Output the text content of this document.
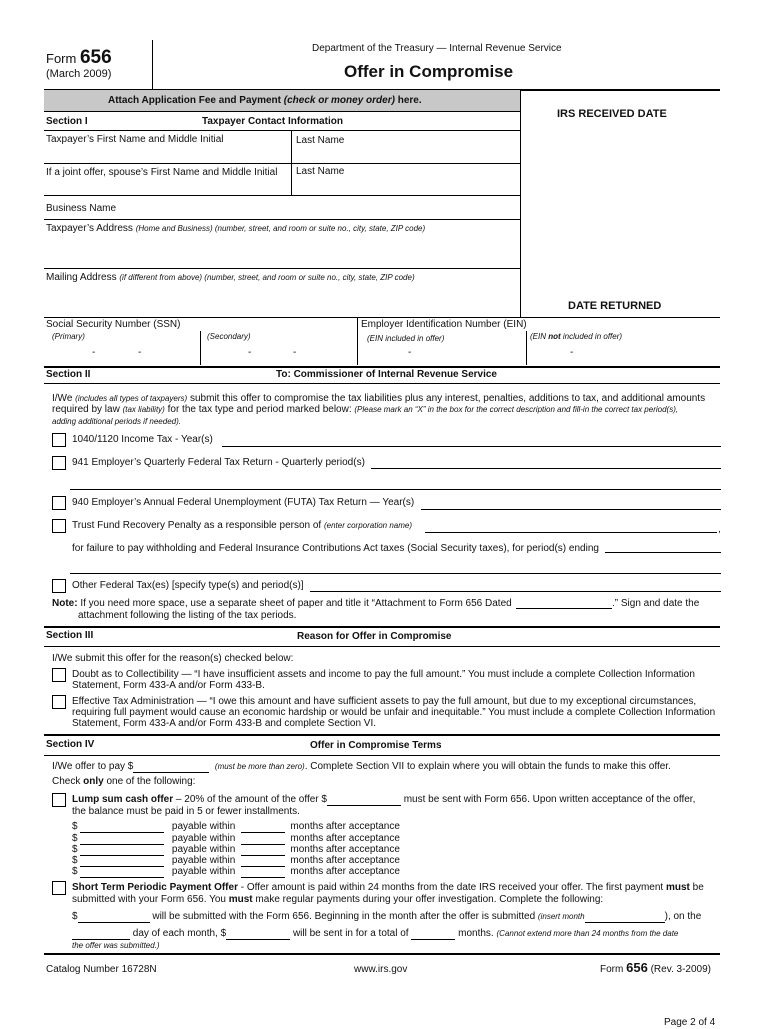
Form 656
(March 2009)
Department of the Treasury — Internal Revenue Service
Offer in Compromise
IRS RECEIVED DATE
DATE RETURNED
Attach Application Fee and Payment (check or money order) here.
Section I	Taxpayer Contact Information
Taxpayer’s First Name and Middle Initial	Last Name
If a joint offer, spouse’s First Name and Middle Initial Last Name
Business Name
Taxpayer’s Address (Home and Business) (number, street, and room or suite no., city, state, ZIP code)
Mailing Address (if different from above) (number, street, and room or suite no., city, state, ZIP code)
Social Security Number (SSN)
(Primary)
-	-
(Secondary)
-	-
Employer Identification Number (EIN)
(EIN included in offer)
-
(EIN not included in offer)
-
Section II	To: Commissioner of Internal Revenue Service
I/We (includes all types of taxpayers) submit this offer to compromise the tax liabilities plus any interest, penalties, additions to tax, and additional amounts
required by law (tax liability) for the tax type and period marked below: (Please mark an “X” in the box for the correct description and fill-in the correct tax period(s),
adding additional periods if needed).
1040/1120 Income Tax - Year(s)
941 Employer’s Quarterly Federal Tax Return - Quarterly period(s)
940 Employer’s Annual Federal Unemployment (FUTA) Tax Return — Year(s)
Trust Fund Recovery Penalty as a responsible person of (enter corporation name)	,
for failure to pay withholding and Federal Insurance Contributions Act taxes (Social Security taxes), for period(s) ending
Other Federal Tax(es) [specify type(s) and period(s)]
Note: If you need more space, use a separate sheet of paper and title it “Attachment to Form 656 Dated	.” Sign and date the
attachment following the listing of the tax periods.
Section III	Reason for Offer in Compromise
I/We submit this offer for the reason(s) checked below:
Doubt as to Collectibility — “I have insufficient assets and income to pay the full amount.” You must include a complete Collection Information
Statement, Form 433-A and/or Form 433-B.
Effective Tax Administration — “I owe this amount and have sufficient assets to pay the full amount, but due to my exceptional circumstances,
requiring full payment would cause an economic hardship or would be unfair and inequitable.” You must include a complete Collection Information
Statement, Form 433-A and/or Form 433-B and complete Section VI.
Section IV	Offer in Compromise Terms
I/We offer to pay $	(must be more than zero). Complete Section VII to explain where you will obtain the funds to make this offer.
Check only one of the following:
Lump sum cash offer – 20% of the amount of the offer $	must be sent with Form 656. Upon written acceptance of the offer,
the balance must be paid in 5 or fewer installments.
$	payable within	months after acceptance
$	payable within	months after acceptance
$	payable within	months after acceptance
$	payable within	months after acceptance
$	payable within	months after acceptance
Short Term Periodic Payment Offer - Offer amount is paid within 24 months from the date IRS received your offer. The first payment must be
submitted with your Form 656. You must make regular payments during your offer investigation. Complete the following:
$	will be submitted with the Form 656. Beginning in the month after the offer is submitted (insert month	), on the
day of each month, $	will be sent in for a total of	months. (Cannot extend more than 24 months from the date
the offer was submitted.)
Catalog Number 16728N	www.irs.gov	Form 656 (Rev. 3-2009)
Page 2 of 4
